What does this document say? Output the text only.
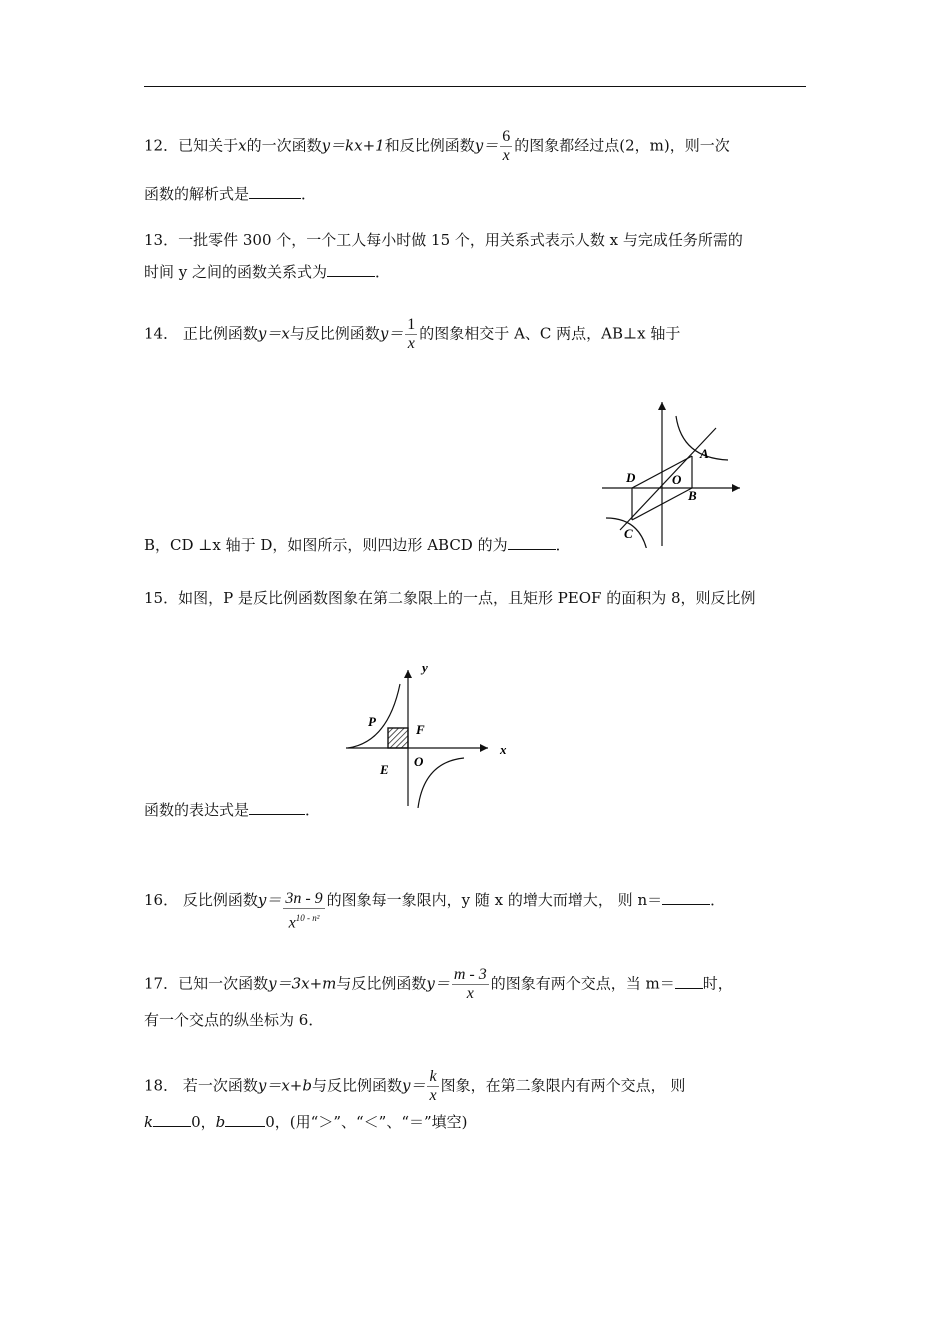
12．已知关于x的一次函数y＝kx+1和反比例函数$y= \frac{6}{x}$ 的图象都经过点(2，m)，则一次
函数的解析式是	．
13．一批零件 300 个，一个工人每小时做 15 个，用关系式表示人数 x 与完成任务所需的
时间 y 之间的函数关系式为	．
14． 正比例函数y＝x与反比例函数$y= \frac{1}{x}$ 的图象相交于 A、C 两点，AB⊥x 轴于
A
B
C
D	O
B，CD ⊥x 轴于 D，如图所示，则四边形 ABCD 的为	．
15．如图，P 是反比例函数图象在第二象限上的一点，且矩形 PEOF 的面积为 8，则反比例
y
x
P
F
E
O
函数的表达式是	．
16． 反比例函数$y= \frac{3n - 9}{x^{10 - n^2}}$ 的图象每一象限内，y 随 x 的增大而增大， 则 n＝	．
17．已知一次函数y＝3x+m与反比例函数$y= \frac{m - 3}{x}$ 的图象有两个交点，当 m＝ 时，
有一个交点的纵坐标为 6．
18． 若一次函数y＝x+b与反比例函数$y= \frac{k}{x}$ 图象，在第二象限内有两个交点， 则
k	0，b	0，(用“＞”、“＜”、“＝”填空)
